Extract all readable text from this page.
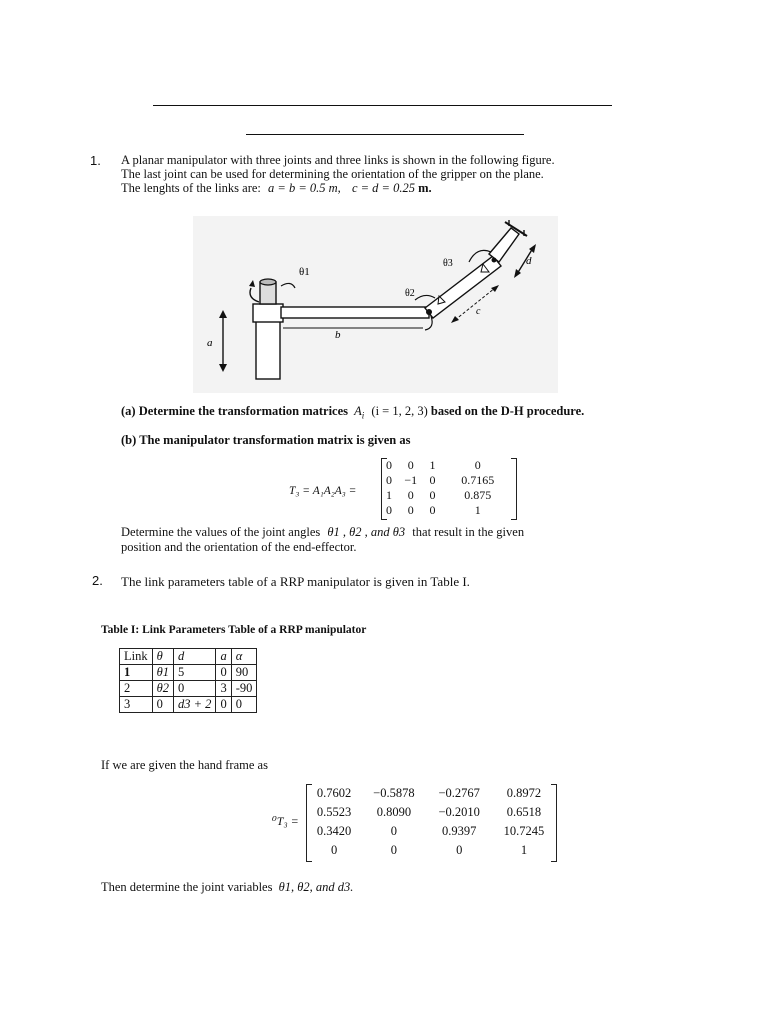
1. A planar manipulator with three joints and three links is shown in the following figure.
The last joint can be used for determining the orientation of the gripper on the plane.
The lenghts of the links are: a = b = 0.5 m, c = d = 0.25 m.
θ1
θ2
θ3
a
b
c
d
(a) Determine the transformation matrices $A_i$ (i = 1, 2, 3) based on the D-H procedure.
(b) The manipulator transformation matrix is given as
T₃ = A₁A₂A₃ =
0	0	1	0
0	−1	0	0.7165
1	0	0	0.875
0	0	0	1
Determine the values of the joint angles θ1 , θ2 , and θ3 that result in the given
position and the orientation of the end-effector.
2. The link parameters table of a RRP manipulator is given in Table I.
Table I: Link Parameters Table of a RRP manipulator
Link	θ	d	a	α
1	θ1	5	0	90
2	θ2	0	3	-90
3	0	d3 + 2	0	0
If we are given the hand frame as
⁰T₃ =
0.7602	−0.5878	−0.2767	0.8972
0.5523	0.8090	−0.2010	0.6518
0.3420	0	0.9397	10.7245
0	0	0	1
Then determine the joint variables θ1, θ2, and d3.
